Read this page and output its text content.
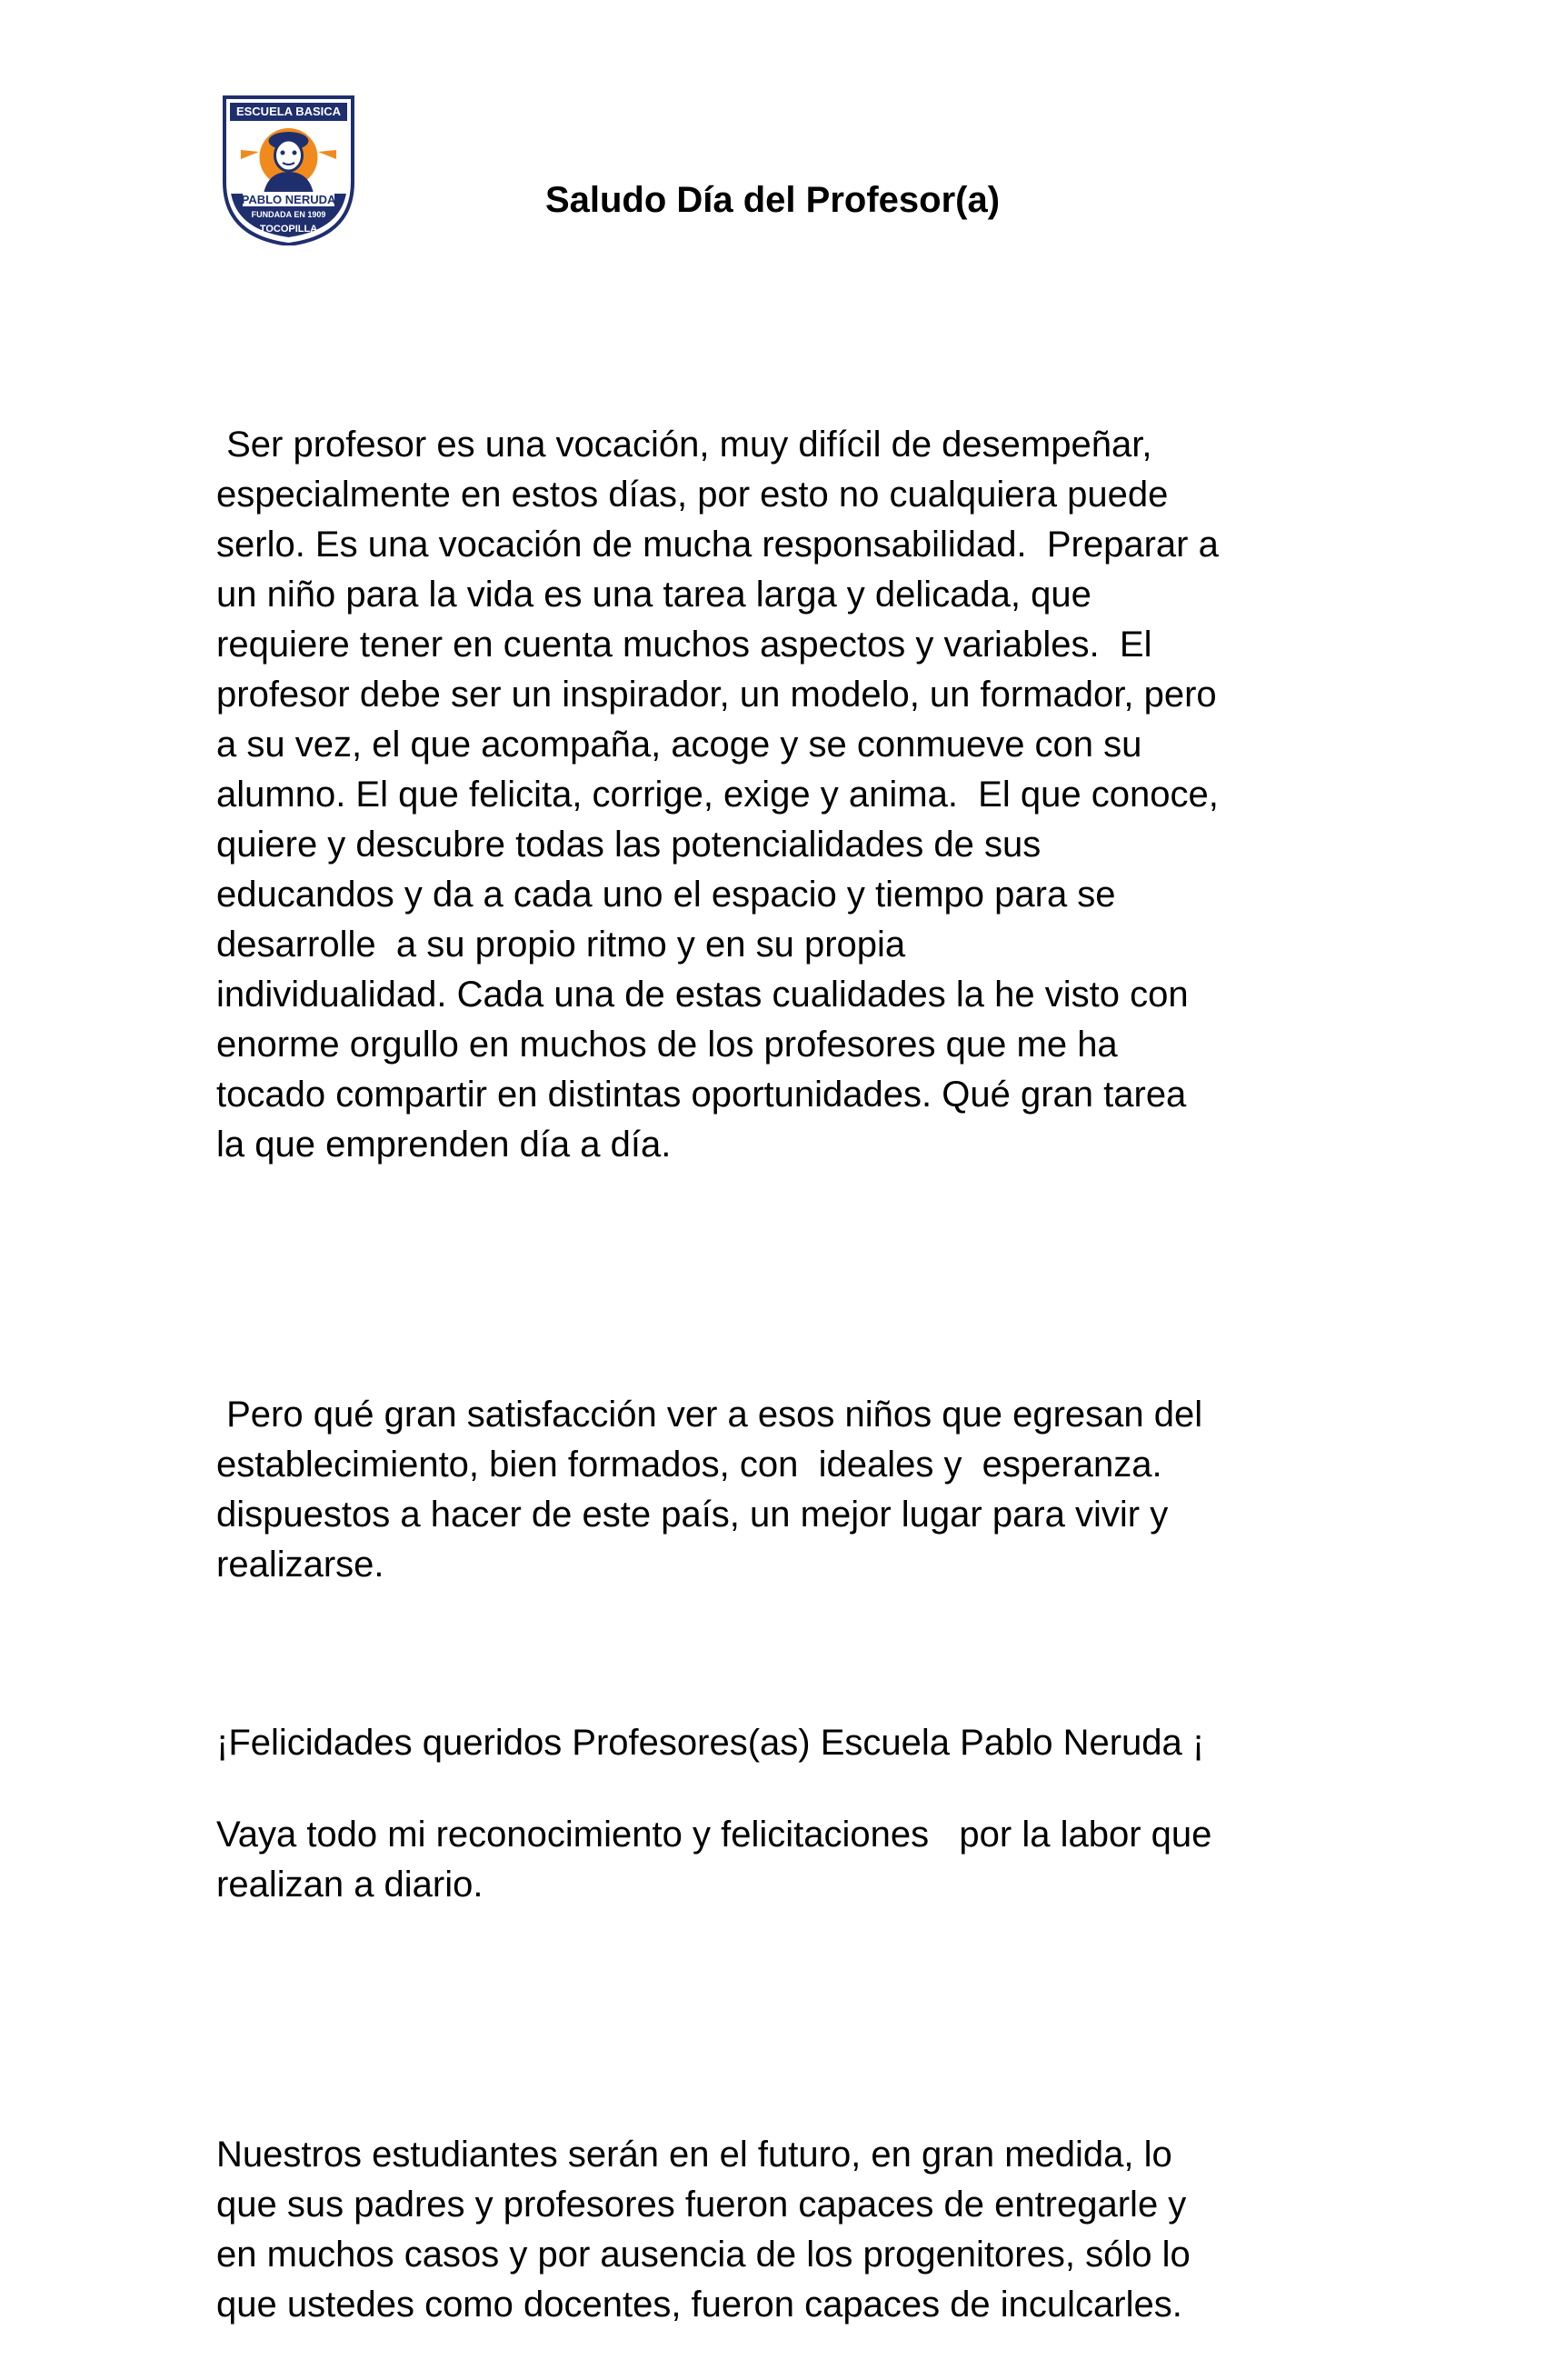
ESCUELA BASICA
PABLO NERUDA
FUNDADA EN 1909
TOCOPILLA
Saludo Día del Profesor(a)

Ser profesor es una vocación, muy difícil de desempeñar,
especialmente en estos días, por esto no cualquiera puede
serlo. Es una vocación de mucha responsabilidad.  Preparar a
un niño para la vida es una tarea larga y delicada, que
requiere tener en cuenta muchos aspectos y variables.  El
profesor debe ser un inspirador, un modelo, un formador, pero
a su vez, el que acompaña, acoge y se conmueve con su
alumno. El que felicita, corrige, exige y anima.  El que conoce,
quiere y descubre todas las potencialidades de sus
educandos y da a cada uno el espacio y tiempo para se
desarrolle  a su propio ritmo y en su propia
individualidad. Cada una de estas cualidades la he visto con
enorme orgullo en muchos de los profesores que me ha
tocado compartir en distintas oportunidades. Qué gran tarea
la que emprenden día a día.

Pero qué gran satisfacción ver a esos niños que egresan del
establecimiento, bien formados, con  ideales y  esperanza.
dispuestos a hacer de este país, un mejor lugar para vivir y
realizarse.

Vaya todo mi reconocimiento y felicitaciones   por la labor que
realizan a diario.

Nuestros estudiantes serán en el futuro, en gran medida, lo
que sus padres y profesores fueron capaces de entregarle y
en muchos casos y por ausencia de los progenitores, sólo lo
que ustedes como docentes, fueron capaces de inculcarles.

¡Felicidades queridos Profesores(as) Escuela Pablo Neruda ¡
